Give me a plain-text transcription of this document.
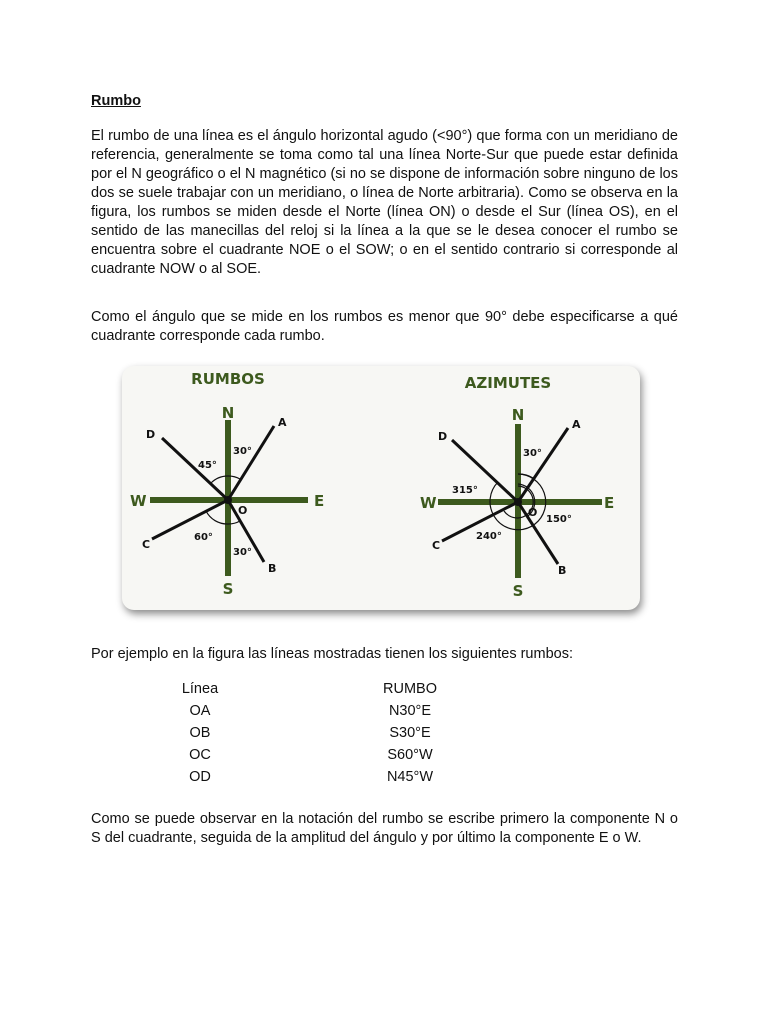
Rumbo

El rumbo de una línea es el ángulo horizontal agudo (<90°) que forma con un meridiano de referencia, generalmente se toma como tal una línea Norte-Sur que puede estar definida por el N geográfico o el N magnético (si no se dispone de información sobre ninguno de los dos se suele trabajar con un meridiano, o línea de Norte arbitraria). Como se observa en la figura, los rumbos se miden desde el Norte (línea ON) o desde el Sur (línea OS), en el sentido de las manecillas del reloj si la línea a la que se le desea conocer el rumbo se encuentra sobre el cuadrante NOE o el SOW; o en el sentido contrario si corresponde al cuadrante NOW o al SOE.

Como el ángulo que se mide en los rumbos es menor que 90° debe especificarse a qué cuadrante corresponde cada rumbo.

RUMBOS
N
S
E
W
O
A
D
C
B
30°
45°
60°
30°
AZIMUTES
N
S
E
W
O
A
D
C
B
30°
315°
150°
240°

Por ejemplo en la figura las líneas mostradas tienen los siguientes rumbos:

Línea	RUMBO
OA	N30°E
OB	S30°E
OC	S60°W
OD	N45°W

Como se puede observar en la notación del rumbo se escribe primero la componente N o S del cuadrante, seguida de la amplitud del ángulo y por último la componente E o W.
